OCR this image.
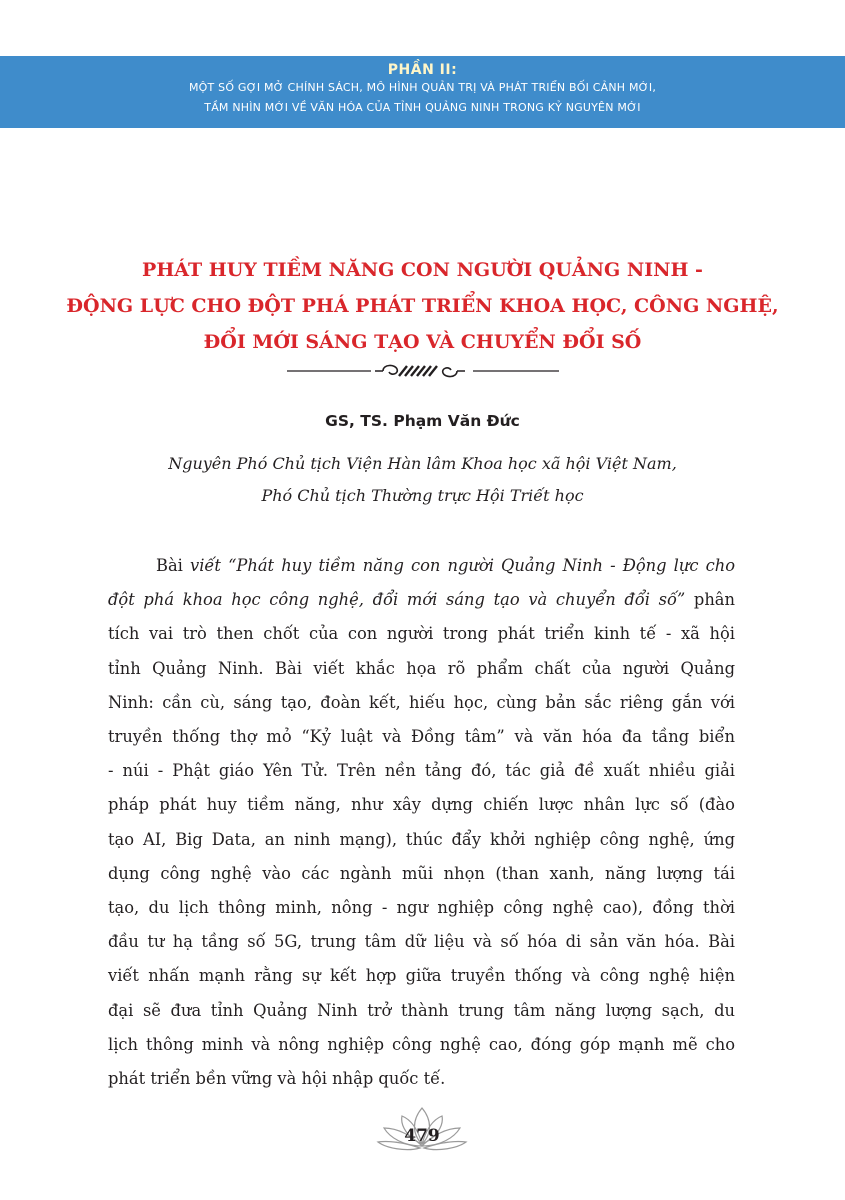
PHẦN II:
MỘT SỐ GỢI MỞ CHÍNH SÁCH, MÔ HÌNH QUẢN TRỊ VÀ PHÁT TRIỂN BỐI CẢNH MỚI,
TẦM NHÌN MỚI VỀ VĂN HÓA CỦA TỈNH QUẢNG NINH TRONG KỶ NGUYÊN MỚI
PHÁT HUY TIỀM NĂNG CON NGƯỜI QUẢNG NINH -
ĐỘNG LỰC CHO ĐỘT PHÁ PHÁT TRIỂN KHOA HỌC, CÔNG NGHỆ,
ĐỔI MỚI SÁNG TẠO VÀ CHUYỂN ĐỔI SỐ
GS, TS. Phạm Văn Đức
Nguyên Phó Chủ tịch Viện Hàn lâm Khoa học xã hội Việt Nam,
Phó Chủ tịch Thường trực Hội Triết học
Bài viết “Phát huy tiềm năng con người Quảng Ninh - Động lực cho
đột phá khoa học công nghệ, đổi mới sáng tạo và chuyển đổi số” phân
tích vai trò then chốt của con người trong phát triển kinh tế - xã hội
tỉnh Quảng Ninh. Bài viết khắc họa rõ phẩm chất của người Quảng
Ninh: cần cù, sáng tạo, đoàn kết, hiếu học, cùng bản sắc riêng gắn với
truyền thống thợ mỏ “Kỷ luật và Đồng tâm” và văn hóa đa tầng biển
- núi - Phật giáo Yên Tử. Trên nền tảng đó, tác giả đề xuất nhiều giải
pháp phát huy tiềm năng, như xây dựng chiến lược nhân lực số (đào
tạo AI, Big Data, an ninh mạng), thúc đẩy khởi nghiệp công nghệ, ứng
dụng công nghệ vào các ngành mũi nhọn (than xanh, năng lượng tái
tạo, du lịch thông minh, nông - ngư nghiệp công nghệ cao), đồng thời
đầu tư hạ tầng số 5G, trung tâm dữ liệu và số hóa di sản văn hóa. Bài
viết nhấn mạnh rằng sự kết hợp giữa truyền thống và công nghệ hiện
đại sẽ đưa tỉnh Quảng Ninh trở thành trung tâm năng lượng sạch, du
lịch thông minh và nông nghiệp công nghệ cao, đóng góp mạnh mẽ cho
phát triển bền vững và hội nhập quốc tế.
479
